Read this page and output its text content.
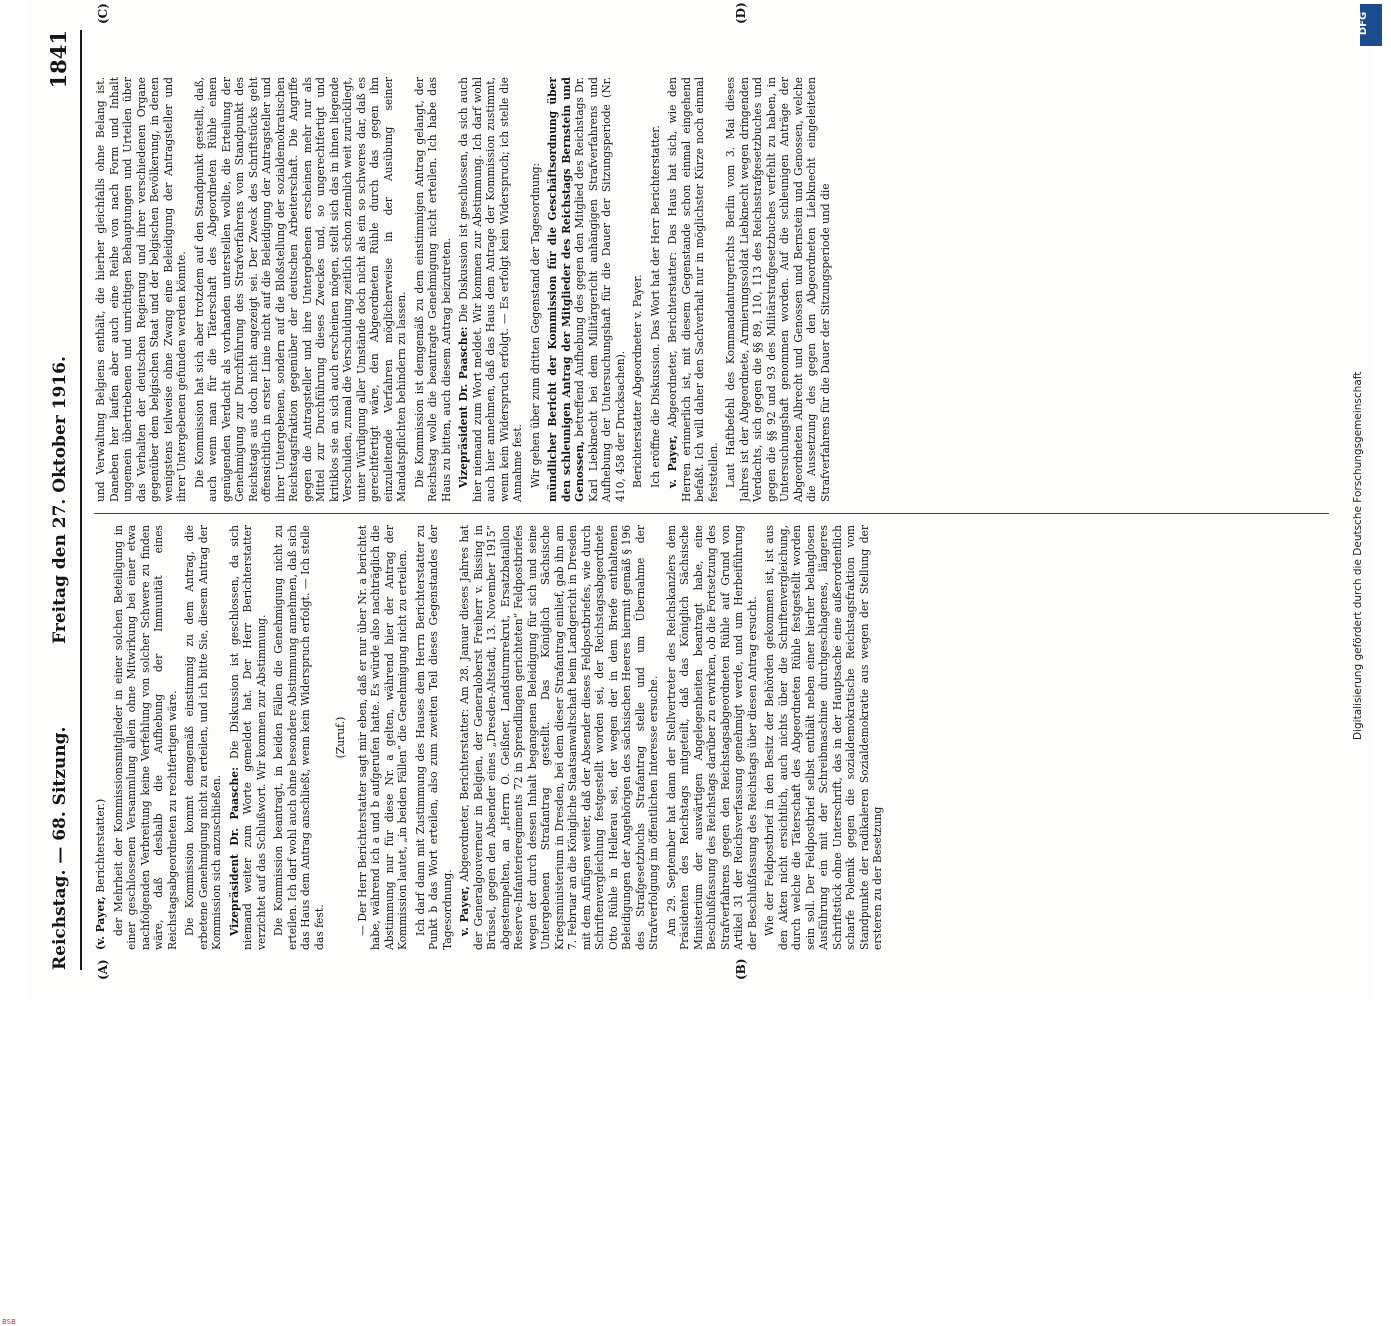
Reichstag. — 68. Sitzung.
Freitag den 27. Oktober 1916.
1841
(A)	(B)
(C)	(D)

(v. Payer, Berichterstatter.) der Mehrheit der Kommissionsmitglieder in einer solchen Beteiligung in einer geschlossenen Versammlung allein ohne Mitwirkung bei einer etwa nachfolgenden Verbreitung keine Verfehlung von solcher Schwere zu finden wäre, daß deshalb die Aufhebung der Immunität eines Reichstagsabgeordneten zu rechtfertigen wäre. Die Kommission kommt demgemäß einstimmig zu dem Antrag, die erbetene Genehmigung nicht zu erteilen, und ich bitte Sie, diesem Antrag der Kommission sich anzuschließen. Vizepräsident Dr. Paasche: Die Diskussion ist geschlossen, da sich niemand weiter zum Worte gemeldet hat. Der Herr Berichterstatter verzichtet auf das Schlußwort. Wir kommen zur Abstimmung. Die Kommission beantragt, in beiden Fällen die Genehmigung nicht zu erteilen. Ich darf wohl auch ohne besondere Abstimmung annehmen, daß sich das Haus dem Antrag anschließt, wenn kein Widerspruch erfolgt. — Ich stelle das fest.

(Zuruf.) — Der Herr Berichterstatter sagt mir eben, daß er nur über Nr. a berichtet habe, während ich a und b aufgerufen hatte. Es würde also nachträglich die Abstimmung nur für diese Nr. a gelten, während hier der Antrag der Kommission lautet, „in beiden Fällen“ die Genehmigung nicht zu erteilen. Ich darf dann mit Zustimmung des Hauses dem Herrn Berichterstatter zu Punkt b das Wort erteilen, also zum zweiten Teil dieses Gegenstandes der Tagesordnung. v. Payer, Abgeordneter, Berichterstatter: Am 28. Januar dieses Jahres hat der Generalgouverneur in Belgien, der Generaloberst Freiherr v. Bissing in Brüssel, gegen den Absender eines „Dresden-Altstadt, 13. November 1915“ abgestempelten, an „Herrn O. Geißner, Landsturmrekrut, Ersatzbataillon Reserve-Infanterieregiments 72 in Sprendlingen gerichteten“ Feldpostbriefes wegen der durch dessen Inhalt begangenen Beleidigung für sich und seine Untergebenen Strafantrag gestellt. Das Königlich Sächsische Kriegsministerium in Dresden, bei dem dieser Strafantrag einlief, gab ihn am 7. Februar an die Königliche Staatsanwaltschaft beim Landgericht in Dresden mit dem Anfügen weiter, daß der Absender dieses Feldpostbriefes, wie durch Schriftenvergleichung festgestellt worden sei, der Reichstagsabgeordnete Otto Rühle in Hellerau sei, der wegen der in dem Briefe enthaltenen Beleidigungen der Angehörigen des sächsischen Heeres hiermit gemäß § 196 des Strafgesetzbuchs Strafantrag stelle und um Übernahme der Strafverfolgung im öffentlichen Interesse ersuche. Am 29. September hat dann der Stellvertreter des Reichskanzlers dem Präsidenten des Reichstags mitgeteilt, daß das Königlich Sächsische Ministerium der auswärtigen Angelegenheiten beantragt habe, eine Beschlußfassung des Reichstags darüber zu erwirken, ob die Fortsetzung des Strafverfahrens gegen den Reichstagsabgeordneten Rühle auf Grund von Artikel 31 der Reichsverfassung genehmigt werde, und um Herbeiführung der Beschlußfassung des Reichstags über diesen Antrag ersucht. Wie der Feldpostbrief in den Besitz der Behörden gekommen ist, ist aus den Akten nicht ersichtlich, auch nichts über die Schriftenvergleichung, durch welche die Täterschaft des Abgeordneten Rühle festgestellt worden sein soll. Der Feldpostbrief selbst enthält neben einer hierher belanglosen Ausführung ein mit der Schreibmaschine durchgeschlagenes, längeres Schriftstück ohne Unterschrift, das in der Hauptsache eine außerordentlich scharfe Polemik gegen die sozialdemokratische Reichstagsfraktion vom Standpunkte der radikaleren Sozialdemokratie aus wegen der Stellung der ersteren zu der Besetzung

und Verwaltung Belgiens enthält, die hierher gleichfalls ohne Belang ist. Daneben her laufen aber auch eine Reihe von nach Form und Inhalt ungemein übertriebenen und unrichtigen Behauptungen und Urteilen über das Verhalten der deutschen Regierung und ihrer verschiedenen Organe gegenüber dem belgischen Staat und der belgischen Bevölkerung, in denen wenigstens teilweise ohne Zwang eine Beleidigung der Antragsteller und ihrer Untergebenen gefunden werden könnte. Die Kommission hat sich aber trotzdem auf den Standpunkt gestellt, daß, auch wenn man für die Täterschaft des Abgeordneten Rühle einen genügenden Verdacht als vorhanden unterstellen wollte, die Erteilung der Genehmigung zur Durchführung des Strafverfahrens vom Standpunkt des Reichstags aus doch nicht angezeigt sei. Der Zweck des Schriftstücks geht offensichtlich in erster Linie nicht auf die Beleidigung der Antragsteller und ihrer Untergebenen, sondern auf die Bloßstellung der sozialdemokratischen Reichstagsfraktion gegenüber der deutschen Arbeiterschaft. Die Angriffe gegen die Antragsteller und ihre Untergebenen erscheinen mehr nur als Mittel zur Durchführung dieses Zweckes und, so ungerechtfertigt und kritiklos sie an sich auch erscheinen mögen, stellt sich das in ihnen liegende Verschulden, zumal die Verschuldung zeitlich schon ziemlich weit zurückliegt, unter Würdigung aller Umstände doch nicht als ein so schweres dar, daß es gerechtfertigt wäre, den Abgeordneten Rühle durch das gegen ihn einzuleitende Verfahren möglicherweise in der Ausübung seiner Mandatspflichten behindern zu lassen. Die Kommission ist demgemäß zu dem einstimmigen Antrag gelangt, der Reichstag wolle die beantragte Genehmigung nicht erteilen. Ich habe das Haus zu bitten, auch diesem Antrag beizutreten. Vizepräsident Dr. Paasche: Die Diskussion ist geschlossen, da sich auch hier niemand zum Wort meldet. Wir kommen zur Abstimmung. Ich darf wohl auch hier annehmen, daß das Haus dem Antrage der Kommission zustimmt, wenn kein Widerspruch erfolgt. — Es erfolgt kein Widerspruch; ich stelle die Annahme fest. Wir gehen über zum dritten Gegenstand der Tagesordnung: mündlicher Bericht der Kommission für die Geschäftsordnung über den schleunigen Antrag der Mitglieder des Reichstags Bernstein und Genossen, betreffend Aufhebung des gegen den Mitglied des Reichstags Dr. Karl Liebknecht bei dem Militärgericht anhängigen Strafverfahrens und Aufhebung der Untersuchungshaft für die Dauer der Sitzungsperiode (Nr. 410, 458 der Drucksachen). Berichterstatter Abgeordneter v. Payer. Ich eröffne die Diskussion. Das Wort hat der Herr Berichterstatter. v. Payer, Abgeordneter, Berichterstatter: Das Haus hat sich, wie den Herren erinnerlich ist, mit diesem Gegenstande schon einmal eingehend befaßt. Ich will daher den Sachverhalt nur in möglichster Kürze noch einmal feststellen. Laut Haftbefehl des Kommandanturgerichts Berlin vom 3. Mai dieses Jahres ist der Abgeordnete, Armierungssoldat Liebknecht wegen dringenden Verdachts, sich gegen die §§ 89, 110, 113 des Reichsstrafgesetzbuches und gegen die §§ 92 und 93 des Militärstrafgesetzbuches verfehlt zu haben, in Untersuchungshaft genommen worden. Auf die schleunigen Anträge der Abgeordneten Albrecht und Genossen und Bernstein und Genossen, welche die Aussetzung des gegen den Abgeordneten Liebknecht eingeleiteten Strafverfahrens für die Dauer der Sitzungsperiode und die

BSB
Digitalisierung gefördert durch die Deutsche Forschungsgemeinschaft
DFG
